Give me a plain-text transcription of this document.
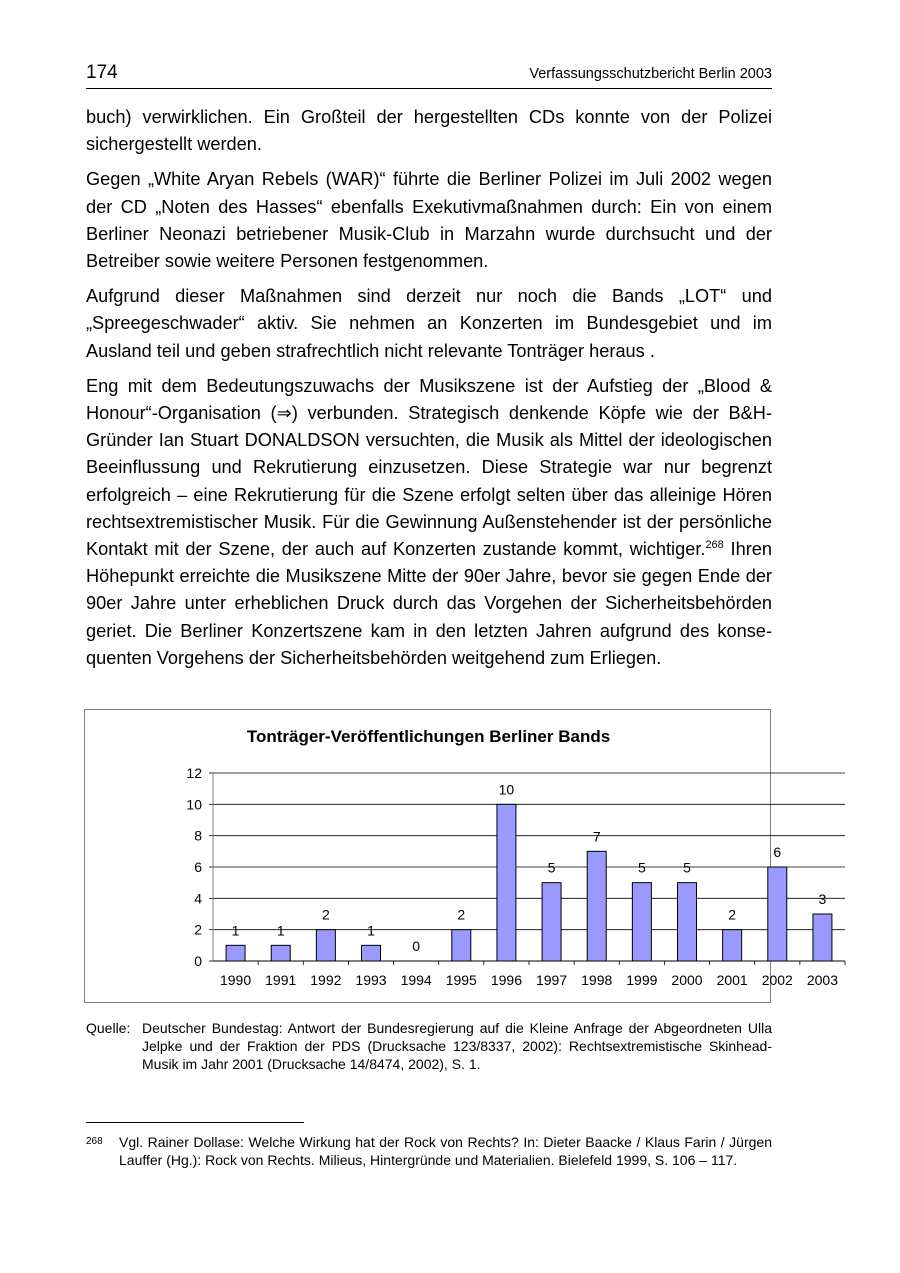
174	Verfassungsschutzbericht Berlin 2003

buch) verwirklichen. Ein Großteil der hergestellten CDs konnte von der Polizei sichergestellt werden.

Gegen „White Aryan Rebels (WAR)“ führte die Berliner Polizei im Juli 2002 wegen der CD „Noten des Hasses“ ebenfalls Exekutivmaßnahmen durch: Ein von einem Berliner Neonazi betriebener Musik-Club in Marzahn wurde durchsucht und der Betreiber sowie weitere Personen festgenommen.

Aufgrund dieser Maßnahmen sind derzeit nur noch die Bands „LOT“ und „Spreegeschwader“ aktiv. Sie nehmen an Konzerten im Bundesgebiet und im Ausland teil und geben strafrechtlich nicht relevante Tonträger heraus .

Eng mit dem Bedeutungszuwachs der Musikszene ist der Aufstieg der „Blood & Honour“-Organisation (⇒) verbunden. Strategisch denkende Köpfe wie der B&H-Gründer Ian Stuart DONALDSON versuchten, die Musik als Mittel der ideologischen Beeinflussung und Rekrutierung einzusetzen. Diese Strategie war nur begrenzt erfolgreich – eine Rekrutierung für die Szene erfolgt selten über das alleinige Hören rechtsextremistischer Musik. Für die Gewinnung Außenstehender ist der persönliche Kontakt mit der Szene, der auch auf Konzerten zustande kommt, wichtiger.$^{268}$ Ihren Höhepunkt erreichte die Musikszene Mitte der 90er Jahre, bevor sie gegen Ende der 90er Jahre unter erheblichen Druck durch das Vorgehen der Sicherheitsbehörden geriet. Die Berliner Konzertszene kam in den letzten Jahren aufgrund des konsequenten Vorgehens der Sicherheitsbehörden weitgehend zum Erliegen.

Tonträger-Veröffentlichungen Berliner Bands
0
2
4
6
8
10
12
1
1990
1
1991
2
1992
1
1993
0
1994
2
1995
10
1996
5
1997
7
1998
5
1999
5
2000
2
2001
6
2002
3
2003
Quelle: Deutscher Bundestag: Antwort der Bundesregierung auf die Kleine Anfrage der Abgeordneten Ulla Jelpke und der Fraktion der PDS (Drucksache 123/8337, 2002): Rechtsextremistische Skinhead-Musik im Jahr 2001 (Drucksache 14/8474, 2002), S. 1.
268 Vgl. Rainer Dollase: Welche Wirkung hat der Rock von Rechts? In: Dieter Baacke / Klaus Farin / Jürgen Lauffer (Hg.): Rock von Rechts. Milieus, Hintergründe und Materialien. Bielefeld 1999, S. 106 – 117.
